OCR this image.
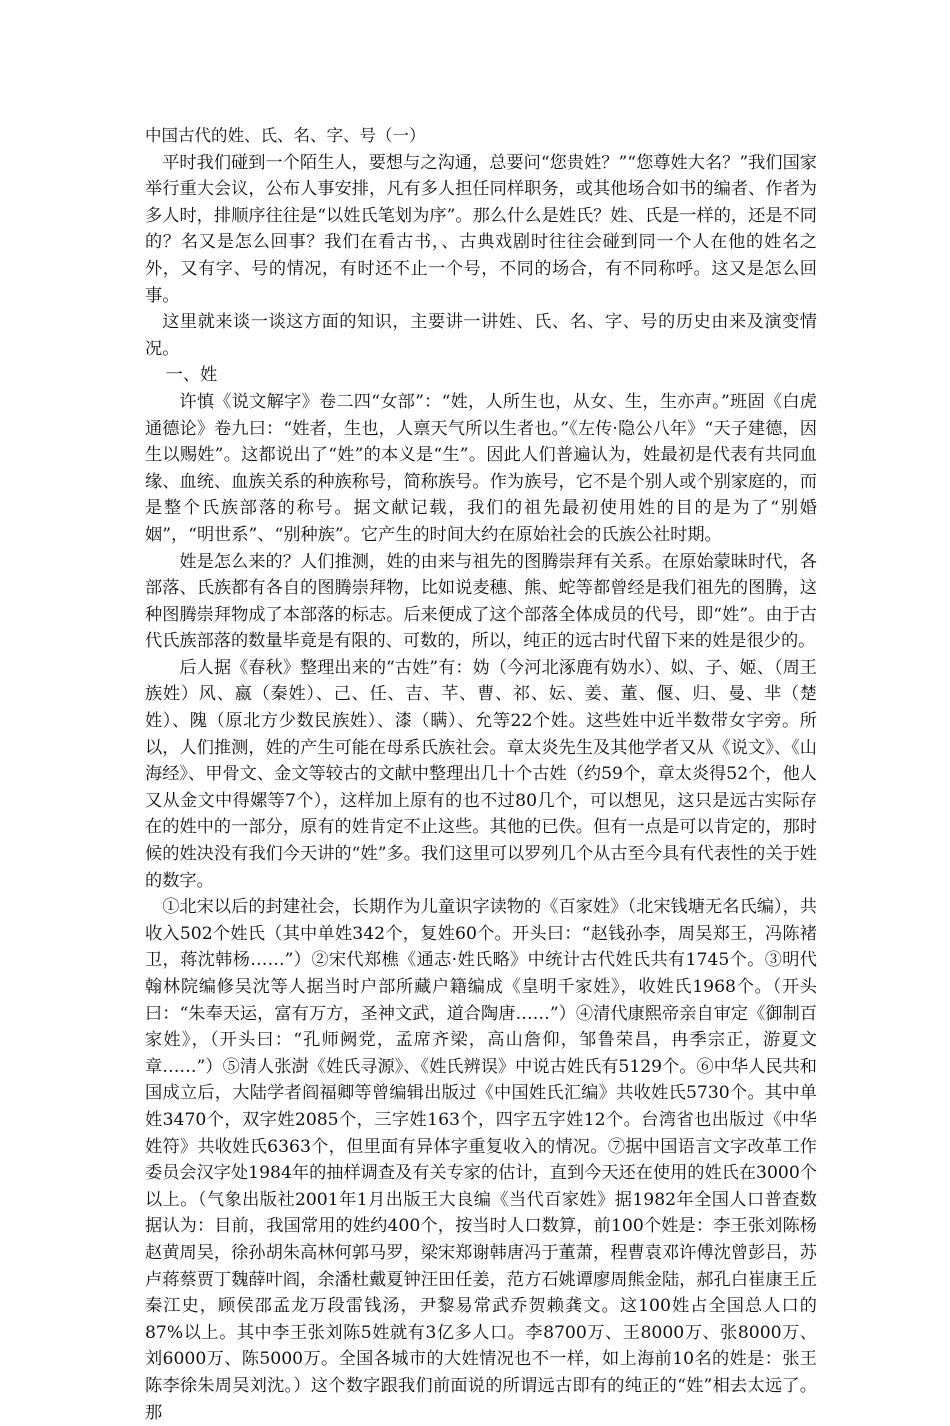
中国古代的姓、氏、名、字、号（一）

平时我们碰到一个陌生人，要想与之沟通，总要问“您贵姓？”“您尊姓大名？”我们国家举行重大会议，公布人事安排，凡有多人担任同样职务，或其他场合如书的编者、作者为多人时，排顺序往往是“以姓氏笔划为序”。那么什么是姓氏？姓、氏是一样的，还是不同的？名又是怎么回事？我们在看古书，、古典戏剧时往往会碰到同一个人在他的姓名之外，又有字、号的情况，有时还不止一个号，不同的场合，有不同称呼。这又是怎么回事。

这里就来谈一谈这方面的知识，主要讲一讲姓、氏、名、字、号的历史由来及演变情况。

一、姓

许慎《说文解字》卷二四“女部”：“姓，人所生也，从女、生，生亦声。”班固《白虎通德论》卷九曰：“姓者，生也，人禀天气所以生者也。”《左传·隐公八年》“天子建德，因生以赐姓”。这都说出了“姓”的本义是“生”。因此人们普遍认为，姓最初是代表有共同血缘、血统、血族关系的种族称号，简称族号。作为族号，它不是个别人或个别家庭的，而是整个氏族部落的称号。据文献记载，我们的祖先最初使用姓的目的是为了“别婚姻”，“明世系”、“别种族”。它产生的时间大约在原始社会的氏族公社时期。

姓是怎么来的？人们推测，姓的由来与祖先的图腾崇拜有关系。在原始蒙昧时代，各部落、氏族都有各自的图腾崇拜物，比如说麦穗、熊、蛇等都曾经是我们祖先的图腾，这种图腾崇拜物成了本部落的标志。后来便成了这个部落全体成员的代号，即“姓”。由于古代氏族部落的数量毕竟是有限的、可数的，所以，纯正的远古时代留下来的姓是很少的。

后人据《春秋》整理出来的“古姓”有：妫（今河北涿鹿有妫水）、姒、子、姬、（周王族姓）风、嬴（秦姓）、己、任、吉、芊、曹、祁、妘、姜、董、偃、归、曼、芈（楚姓）、隗（原北方少数民族姓）、漆（瞒）、允等22个姓。这些姓中近半数带女字旁。所以，人们推测，姓的产生可能在母系氏族社会。章太炎先生及其他学者又从《说文》、《山海经》、甲骨文、金文等较古的文献中整理出几十个古姓（约59个，章太炎得52个，他人又从金文中得嫘等7个），这样加上原有的也不过80几个，可以想见，这只是远古实际存在的姓中的一部分，原有的姓肯定不止这些。其他的已佚。但有一点是可以肯定的，那时候的姓决没有我们今天讲的“姓”多。我们这里可以罗列几个从古至今具有代表性的关于姓的数字。

①北宋以后的封建社会，长期作为儿童识字读物的《百家姓》（北宋钱塘无名氏编），共收入502个姓氏（其中单姓342个，复姓60个。开头曰：“赵钱孙李，周吴郑王，冯陈褚卫，蒋沈韩杨……”）②宋代郑樵《通志·姓氏略》中统计古代姓氏共有1745个。③明代翰林院编修吴沈等人据当时户部所藏户籍编成《皇明千家姓》，收姓氏1968个。（开头曰：“朱奉天运，富有万方，圣神文武，道合陶唐……”）④清代康熙帝亲自审定《御制百家姓》，（开头曰：“孔师阙党，孟席齐梁，高山詹仰，邹鲁荣昌，冉季宗正，游夏文章……”）⑤清人张澍《姓氏寻源》、《姓氏辨误》中说古姓氏有5129个。⑥中华人民共和国成立后，大陆学者阎福卿等曾编辑出版过《中国姓氏汇编》共收姓氏5730个。其中单姓3470个，双字姓2085个，三字姓163个，四字五字姓12个。台湾省也出版过《中华姓符》共收姓氏6363个，但里面有异体字重复收入的情况。⑦据中国语言文字改革工作委员会汉字处1984年的抽样调查及有关专家的估计，直到今天还在使用的姓氏在3000个以上。（气象出版社2001年1月出版王大良编《当代百家姓》据1982年全国人口普查数据认为：目前，我国常用的姓约400个，按当时人口数算，前100个姓是：李王张刘陈杨赵黄周吴，徐孙胡朱高林何郭马罗，梁宋郑谢韩唐冯于董萧，程曹袁邓许傅沈曾彭吕，苏卢蒋蔡贾丁魏薛叶阎，余潘杜戴夏钟汪田任姜，范方石姚谭廖周熊金陆，郝孔白崔康王丘秦江史，顾侯邵孟龙万段雷钱汤，尹黎易常武乔贺赖龚文。这100姓占全国总人口的87%以上。其中李王张刘陈5姓就有3亿多人口。李8700万、王8000万、张8000万、刘6000万、陈5000万。全国各城市的大姓情况也不一样，如上海前10名的姓是：张王陈李徐朱周吴刘沈。）这个数字跟我们前面说的所谓远古即有的纯正的“姓”相去太远了。那
